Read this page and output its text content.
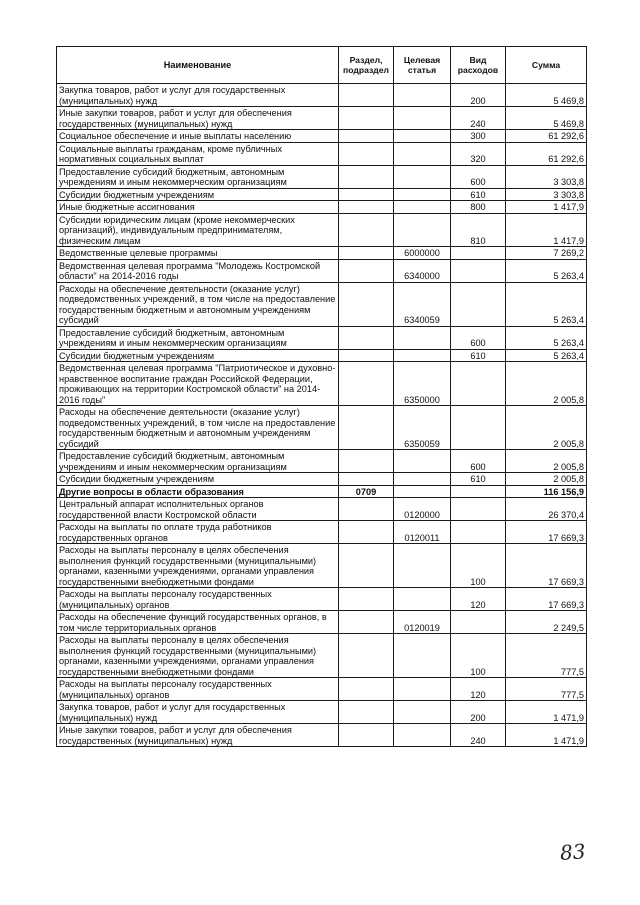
Наименование	Раздел, подраздел	Целевая статья	Вид расходов	Сумма
Закупка товаров, работ и услуг для государственных (муниципальных) нужд			200	5 469,8
Иные закупки товаров, работ и услуг для обеспечения государственных (муниципальных) нужд			240	5 469,8
Социальное обеспечение и иные выплаты населению			300	61 292,6
Социальные выплаты гражданам, кроме публичных нормативных социальных выплат			320	61 292,6
Предоставление субсидий бюджетным, автономным учреждениям и иным некоммерческим организациям			600	3 303,8
Субсидии бюджетным учреждениям			610	3 303,8
Иные бюджетные ассигнования			800	1 417,9
Субсидии юридическим лицам (кроме некоммерческих организаций), индивидуальным предпринимателям, физическим лицам			810	1 417,9
Ведомственные целевые программы		6000000		7 269,2
Ведомственная целевая программа "Молодежь Костромской области" на 2014-2016 годы		6340000		5 263,4
Расходы на обеспечение деятельности (оказание услуг) подведомственных учреждений, в том числе на предоставление государственным бюджетным и автономным учреждениям субсидий		6340059		5 263,4
Предоставление субсидий бюджетным, автономным учреждениям и иным некоммерческим организациям			600	5 263,4
Субсидии бюджетным учреждениям			610	5 263,4
Ведомственная целевая программа "Патриотическое и духовно-нравственное воспитание граждан Российской Федерации, проживающих на территории Костромской области" на 2014-2016 годы"		6350000		2 005,8
Расходы на обеспечение деятельности (оказание услуг) подведомственных учреждений, в том числе на предоставление государственным бюджетным и автономным учреждениям субсидий		6350059		2 005,8
Предоставление субсидий бюджетным, автономным учреждениям и иным некоммерческим организациям			600	2 005,8
Субсидии бюджетным учреждениям			610	2 005,8
Другие вопросы в области образования	0709			116 156,9
Центральный аппарат исполнительных органов государственной власти Костромской области		0120000		26 370,4
Расходы на выплаты по оплате труда работников государственных органов		0120011		17 669,3
Расходы на выплаты персоналу в целях обеспечения выполнения функций государственными (муниципальными) органами, казенными учреждениями, органами управления государственными внебюджетными фондами			100	17 669,3
Расходы на выплаты персоналу государственных (муниципальных) органов			120	17 669,3
Расходы на обеспечение функций государственных органов, в том числе территориальных органов		0120019		2 249,5
Расходы на выплаты персоналу в целях обеспечения выполнения функций государственными (муниципальными) органами, казенными учреждениями, органами управления государственными внебюджетными фондами			100	777,5
Расходы на выплаты персоналу государственных (муниципальных) органов			120	777,5
Закупка товаров, работ и услуг для государственных (муниципальных) нужд			200	1 471,9
Иные закупки товаров, работ и услуг для обеспечения государственных (муниципальных) нужд			240	1 471,9
83
